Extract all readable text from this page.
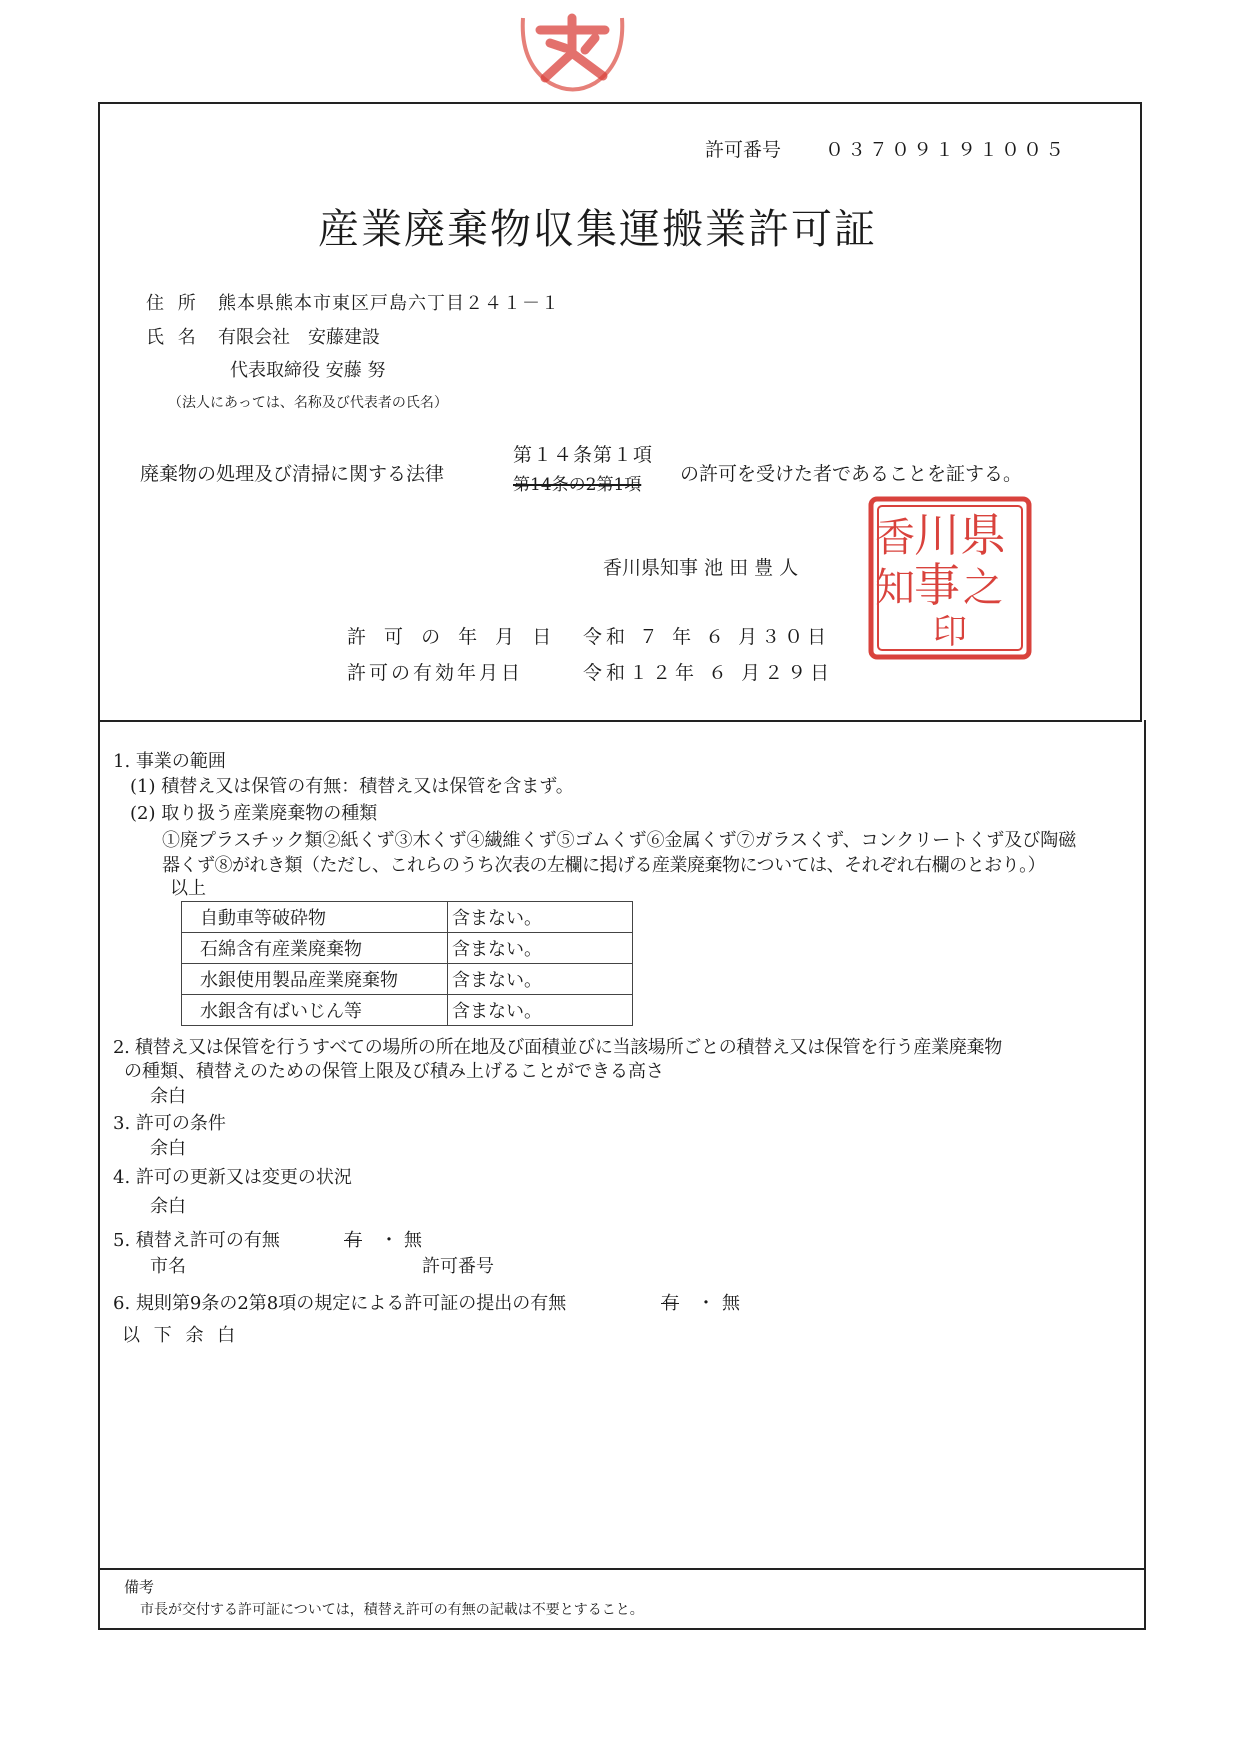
許可番号 ０３７０９１９１００５
産業廃棄物収集運搬業許可証
住 所 熊本県熊本市東区戸島六丁目２４１－１
氏 名 有限会社　安藤建設
代表取締役 安藤 努
（法人にあっては、名称及び代表者の氏名）
廃棄物の処理及び清掃に関する法律
第１４条第１項
第14条の2第1項 の許可を受けた者であることを証する。
香川県知事 池 田 豊 人
県
川
香
之
事
知
印
許 可 の 年 月 日 令和 ７ 年 ６ 月３０日
許可の有効年月日	令和１２年 ６ 月２９日
1. 事業の範囲
(1) 積替え又は保管の有無：積替え又は保管を含まず。
(2) 取り扱う産業廃棄物の種類
①廃プラスチック類②紙くず③木くず④繊維くず⑤ゴムくず⑥金属くず⑦ガラスくず、コンクリートくず及び陶磁
器くず⑧がれき類（ただし、これらのうち次表の左欄に掲げる産業廃棄物については、それぞれ右欄のとおり。）
以上
自動車等破砕物	含まない。
石綿含有産業廃棄物	含まない。
水銀使用製品産業廃棄物	含まない。
水銀含有ばいじん等	含まない。
2. 積替え又は保管を行うすべての場所の所在地及び面積並びに当該場所ごとの積替え又は保管を行う産業廃棄物
の種類、積替えのための保管上限及び積み上げることができる高さ
余白
3. 許可の条件
余白
4. 許可の更新又は変更の状況
余白
5. 積替え許可の有無	有	・ 無
市名	許可番号
6. 規則第9条の2第8項の規定による許可証の提出の有無	有	・ 無
以 下 余 白
備考
市長が交付する許可証については，積替え許可の有無の記載は不要とすること。
